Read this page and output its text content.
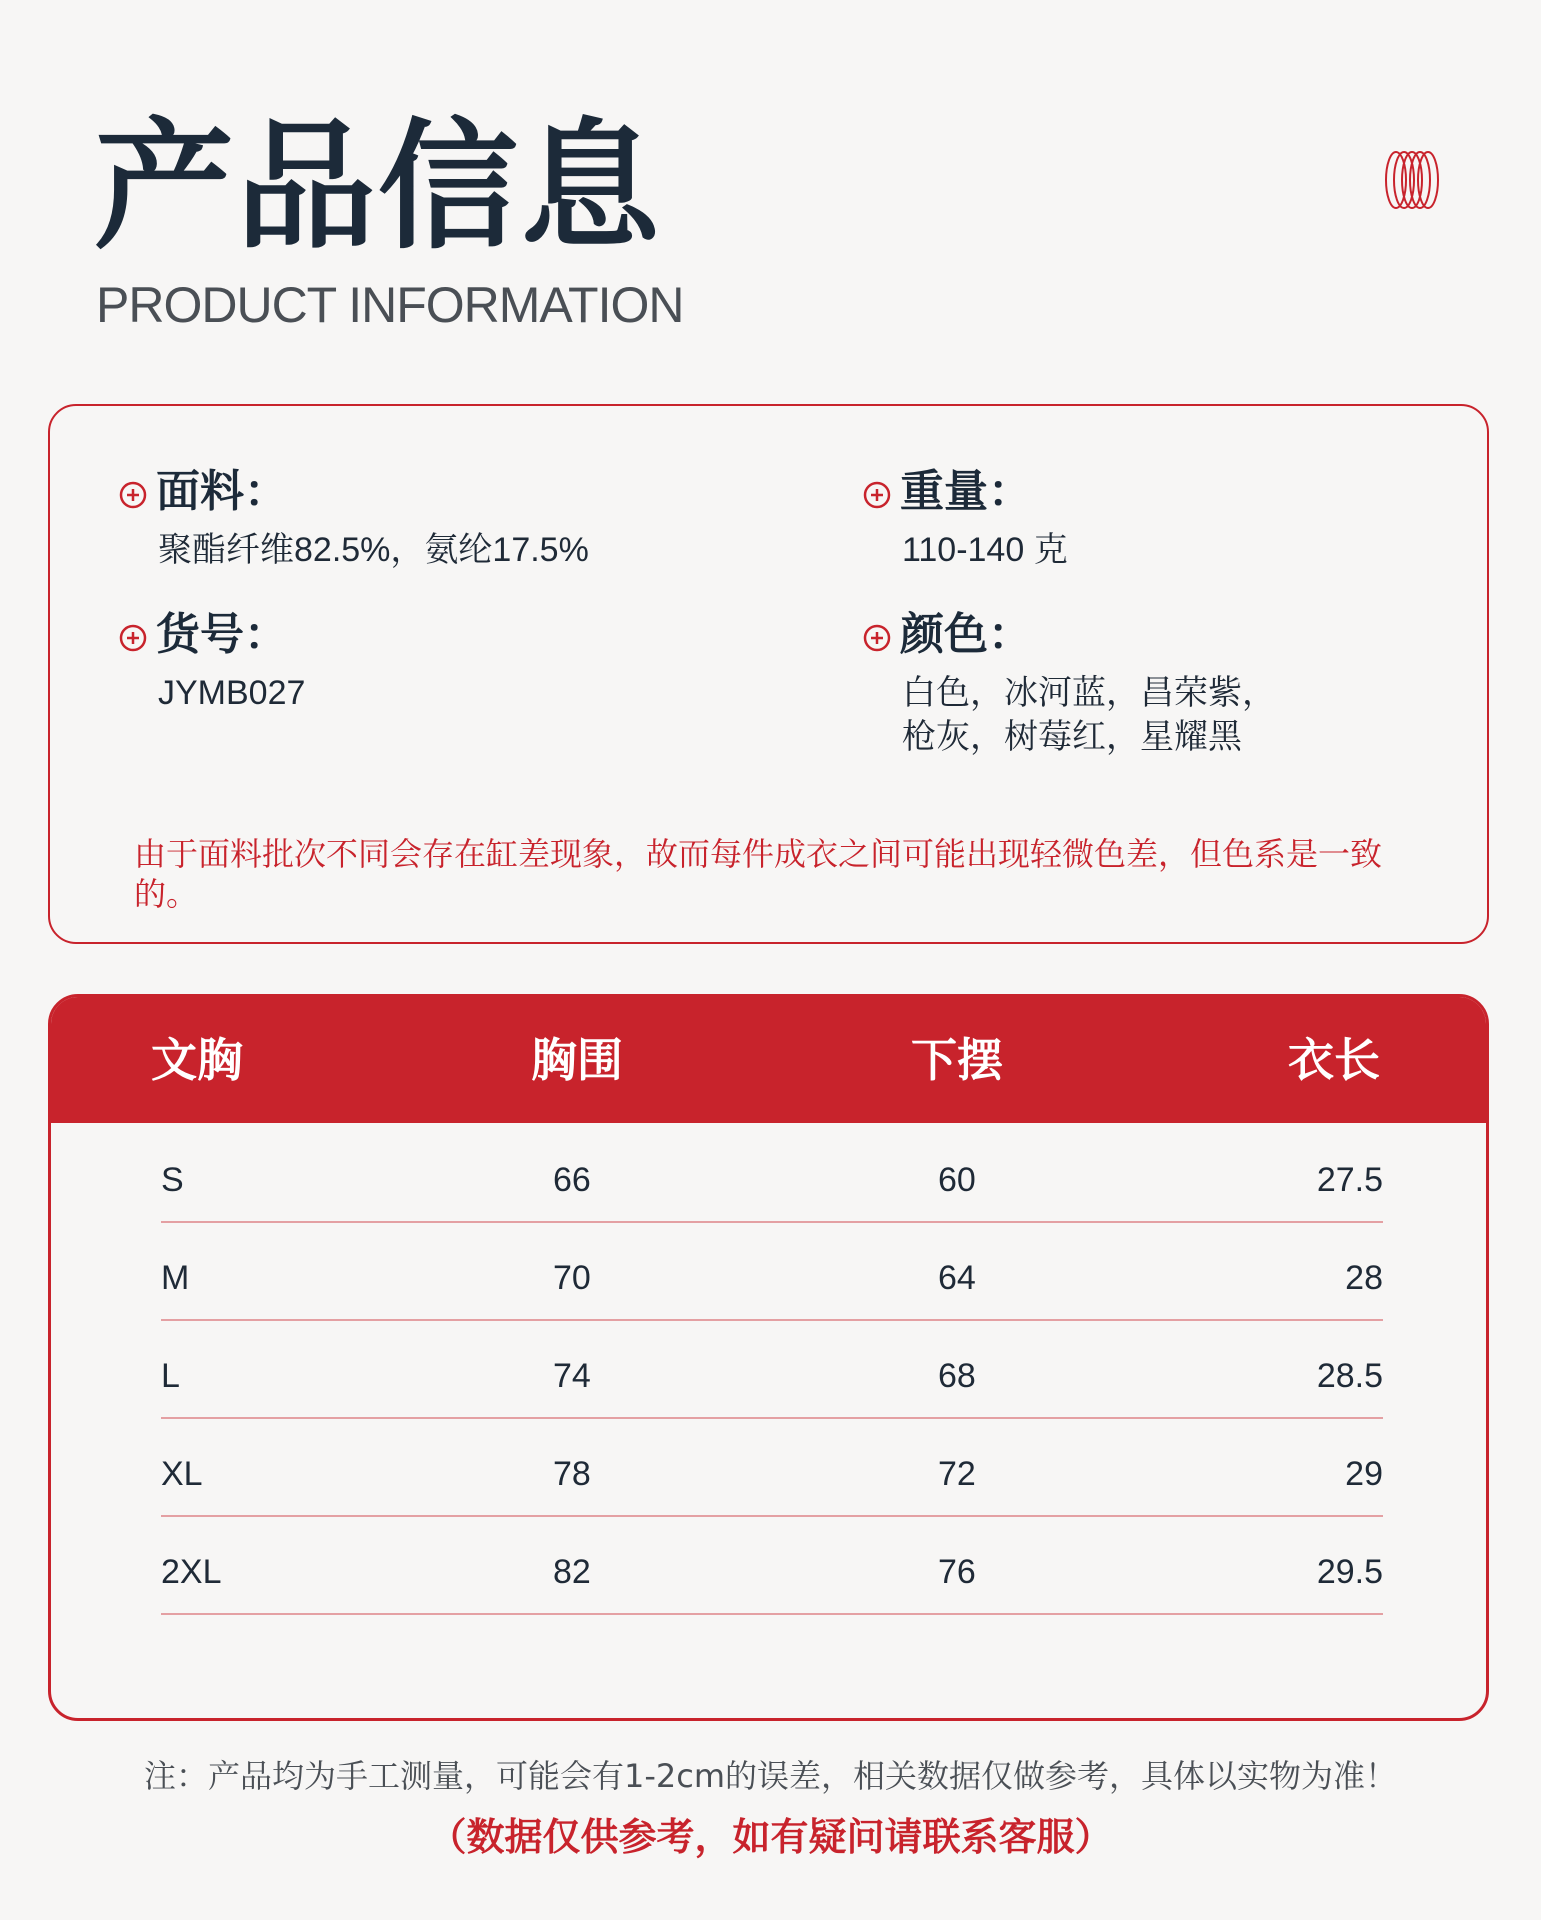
产品信息
PRODUCT INFORMATION
面料：
聚酯纤维82.5%，氨纶17.5%
重量：
110-140 克
货号：
JYMB027
颜色：
白色，冰河蓝，昌荣紫，
枪灰，树莓红，星耀黑
由于面料批次不同会存在缸差现象，故而每件成衣之间可能出现轻微色差，但色系是一致的。
文胸	胸围	下摆	衣长
S	66	60	27.5
M	70	64	28
L	74	68	28.5
XL	78	72	29
2XL	82	76	29.5
注：产品均为手工测量，可能会有1-2cm的误差，相关数据仅做参考，具体以实物为准！
（数据仅供参考，如有疑问请联系客服）
